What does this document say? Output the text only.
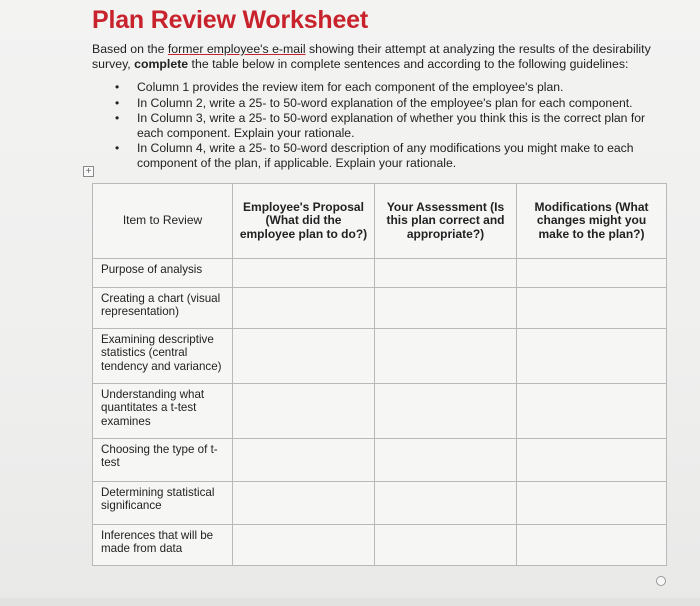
Plan Review Worksheet
Based on the former employee's e-mail showing their attempt at analyzing the results of the desirability survey, complete the table below in complete sentences and according to the following guidelines:
• Column 1 provides the review item for each component of the employee's plan.
• In Column 2, write a 25- to 50-word explanation of the employee's plan for each component.
• In Column 3, write a 25- to 50-word explanation of whether you think this is the correct plan for each component. Explain your rationale.
• In Column 4, write a 25- to 50-word description of any modifications you might make to each component of the plan, if applicable. Explain your rationale.
+
Item to Review	Employee's Proposal (What did the employee plan to do?)	Your Assessment (Is this plan correct and appropriate?)	Modifications (What changes might you make to the plan?)

Purpose of analysis			

Creating a chart (visual representation)			

Examining descriptive statistics (central tendency and variance)			

Understanding what quantitates a t-test examines			

Choosing the type of t-test			

Determining statistical significance			

Inferences that will be made from data			
